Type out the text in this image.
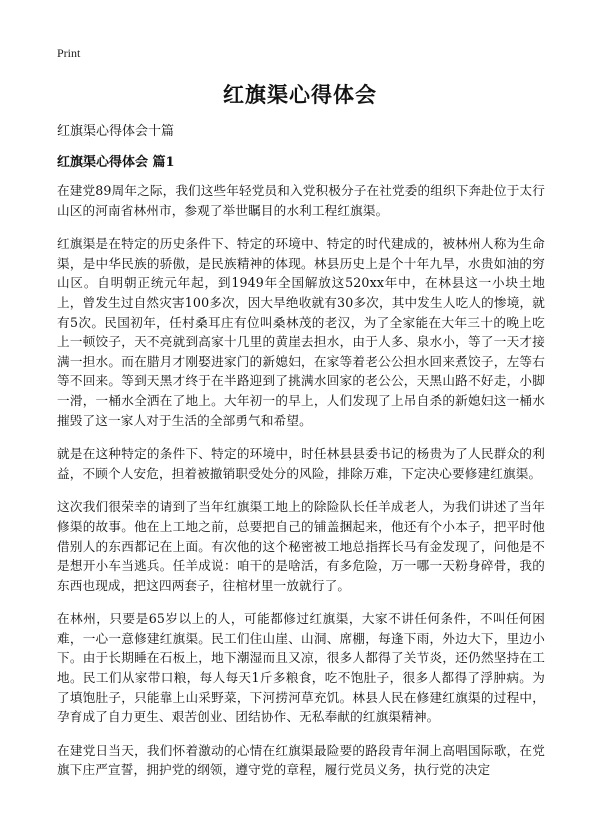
Print
红旗渠心得体会

红旗渠心得体会十篇

红旗渠心得体会 篇1

在建党89周年之际，我们这些年轻党员和入党积极分子在社党委的组织下奔赴位于太行山区的河南省林州市，参观了举世瞩目的水利工程红旗渠。

红旗渠是在特定的历史条件下、特定的环境中、特定的时代建成的，被林州人称为生命渠，是中华民族的骄傲，是民族精神的体现。林县历史上是个十年九旱，水贵如油的穷山区。自明朝正统元年起，到1949年全国解放这520xx年中，在林县这一小块土地上，曾发生过自然灾害100多次，因大旱绝收就有30多次，其中发生人吃人的惨境，就有5次。民国初年，任村桑耳庄有位叫桑林茂的老汉，为了全家能在大年三十的晚上吃上一顿饺子，天不亮就到高家十几里的黄崖去担水，由于人多、泉水小，等了一天才接满一担水。而在腊月才刚娶进家门的新媳妇，在家等着老公公担水回来煮饺子，左等右等不回来。等到天黑才终于在半路迎到了挑满水回家的老公公，天黑山路不好走，小脚一滑，一桶水全洒在了地上。大年初一的早上，人们发现了上吊自杀的新媳妇这一桶水摧毁了这一家人对于生活的全部勇气和希望。

就是在这种特定的条件下、特定的环境中，时任林县县委书记的杨贵为了人民群众的利益，不顾个人安危，担着被撤销职受处分的风险，排除万难，下定决心要修建红旗渠。

这次我们很荣幸的请到了当年红旗渠工地上的除险队长任羊成老人，为我们讲述了当年修渠的故事。他在上工地之前，总要把自己的铺盖捆起来，他还有个小本子，把平时他借别人的东西都记在上面。有次他的这个秘密被工地总指挥长马有金发现了，问他是不是想开小车当逃兵。任羊成说：咱干的是啥活，有多危险，万一哪一天粉身碎骨，我的东西也现成，把这四两套子，往棺材里一放就行了。

在林州，只要是65岁以上的人，可能都修过红旗渠，大家不讲任何条件，不叫任何困难，一心一意修建红旗渠。民工们住山崖、山洞、席棚，每逢下雨，外边大下，里边小下。由于长期睡在石板上，地下潮湿而且又凉，很多人都得了关节炎，还仍然坚持在工地。民工们从家带口粮，每人每天1斤多粮食，吃不饱肚子，很多人都得了浮肿病。为了填饱肚子，只能靠上山采野菜，下河捞河草充饥。林县人民在修建红旗渠的过程中，孕育成了自力更生、艰苦创业、团结协作、无私奉献的红旗渠精神。

在建党日当天，我们怀着激动的心情在红旗渠最险要的路段青年洞上高唱国际歌，在党旗下庄严宣誓，拥护党的纲领，遵守党的章程，履行党员义务，执行党的决定
